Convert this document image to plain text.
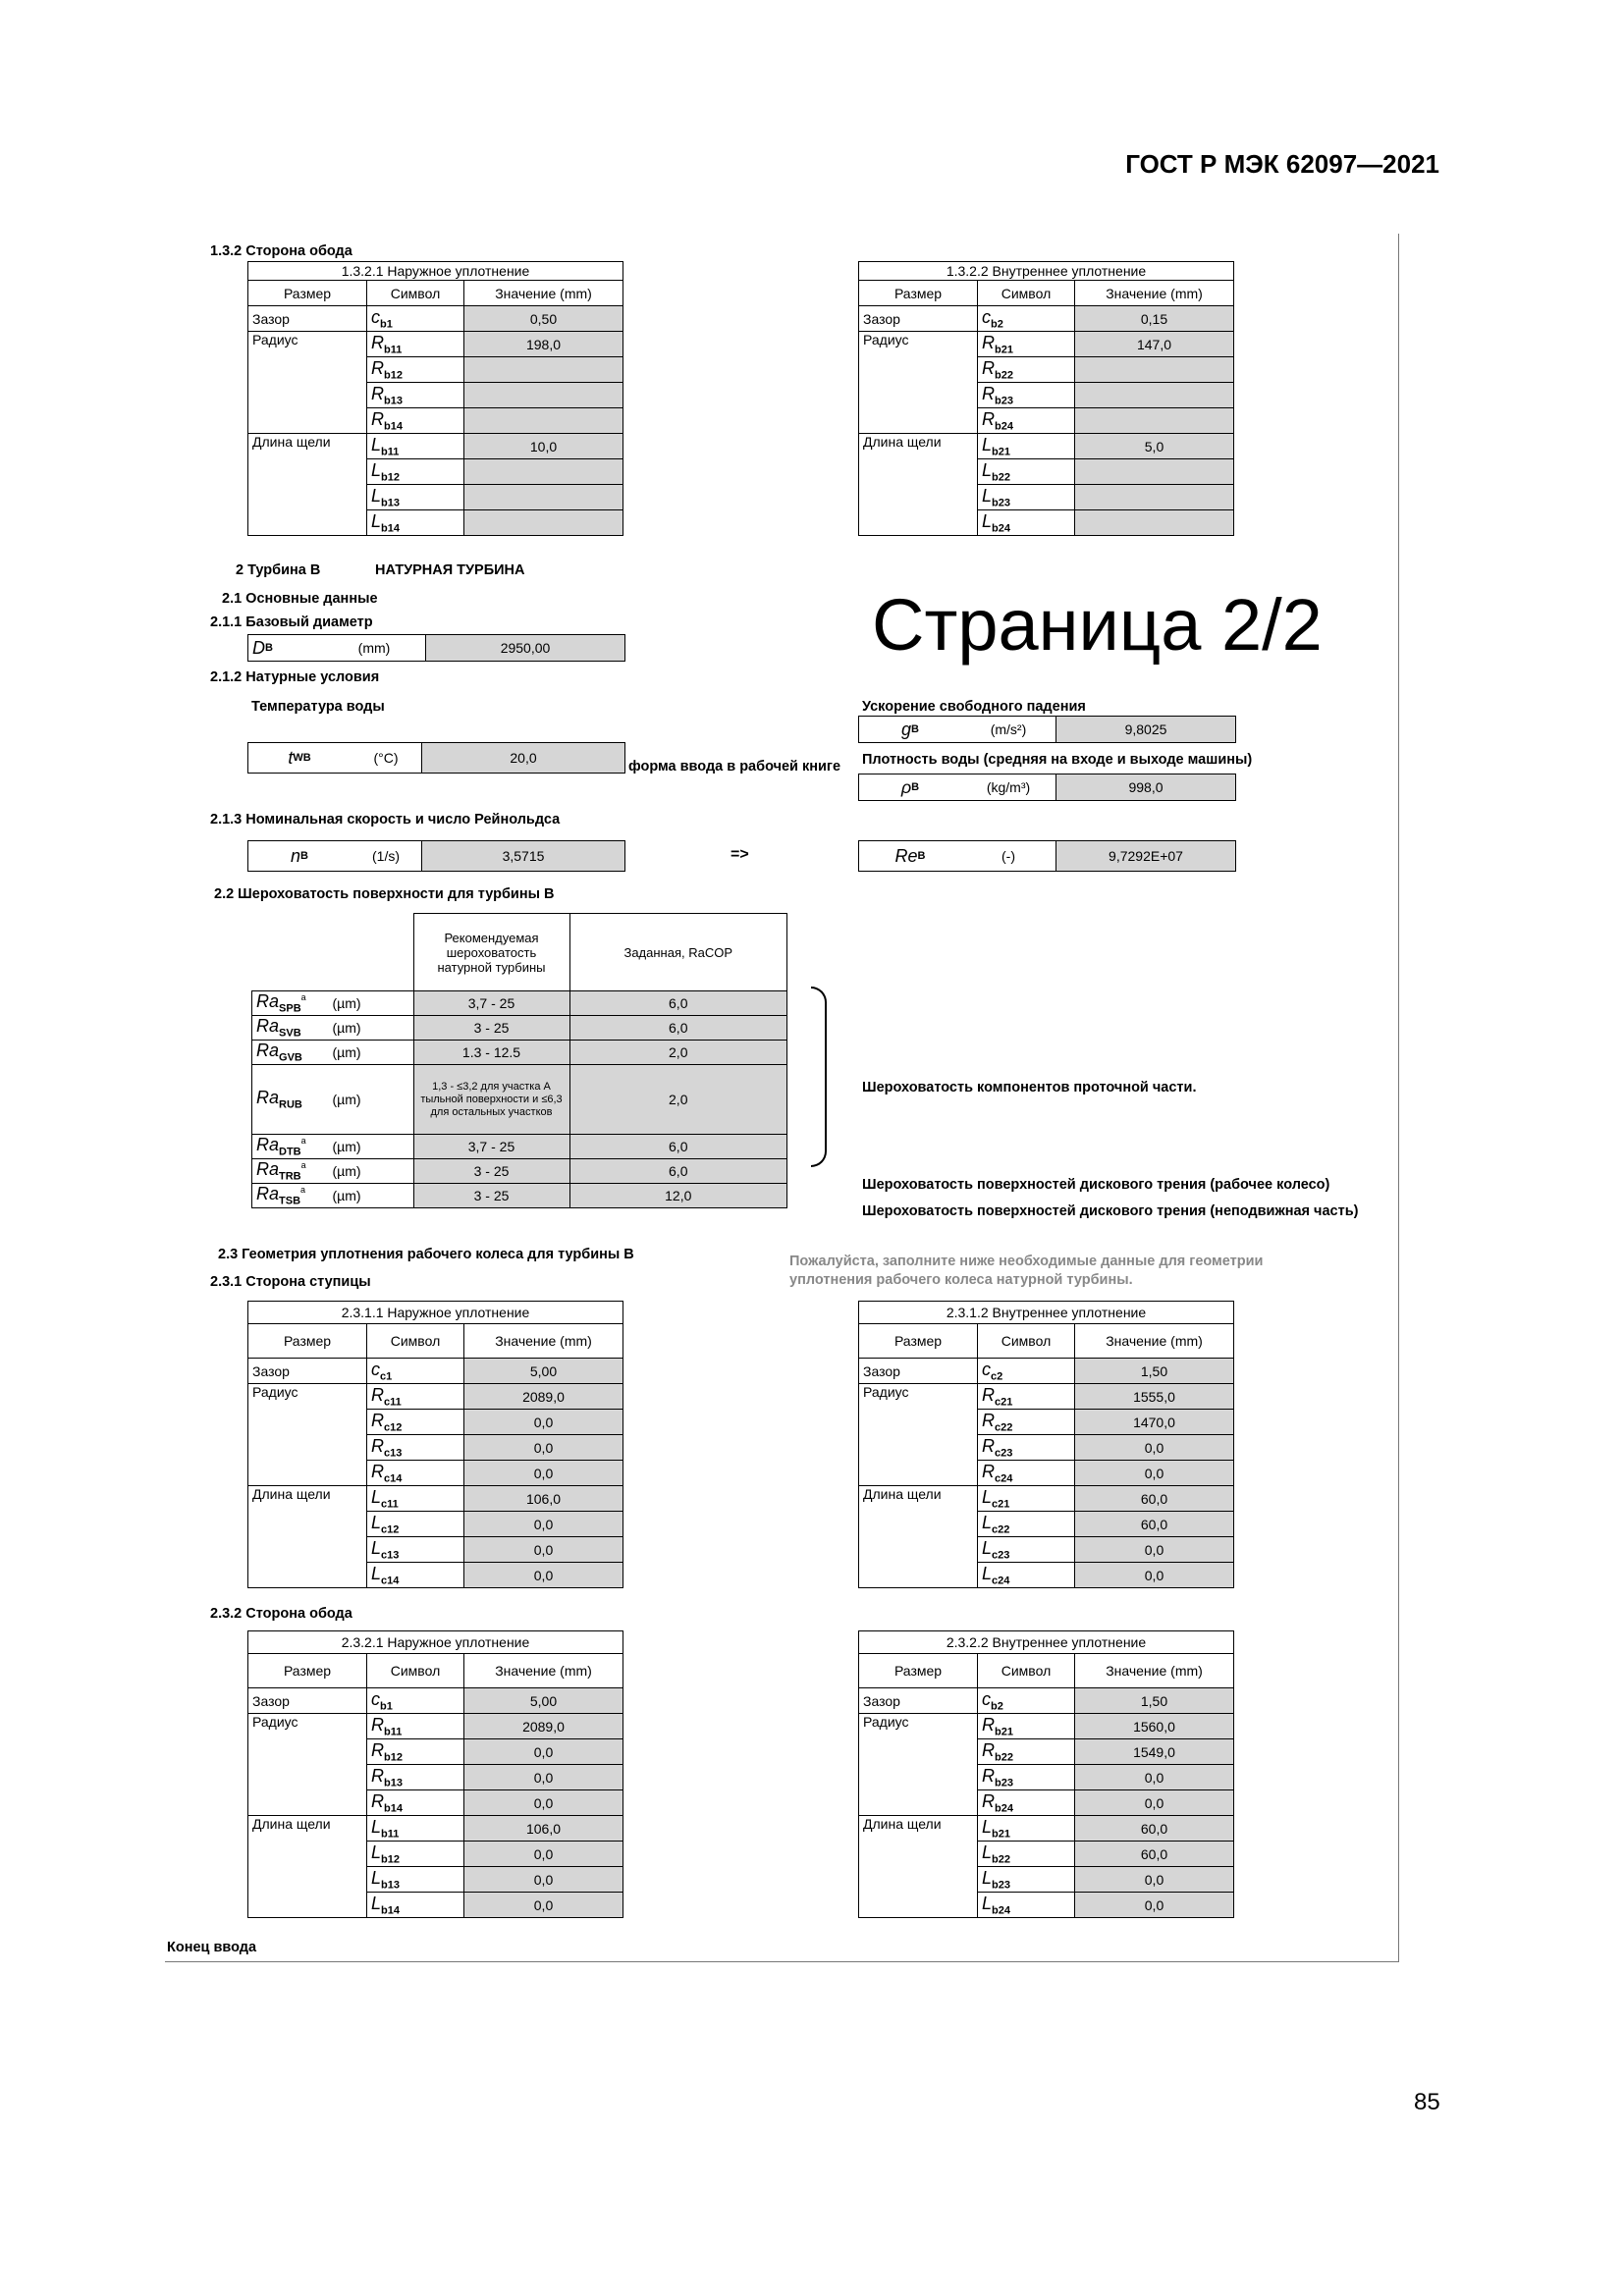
ГОСТ Р МЭК 62097—2021
1.3.2 Сторона обода
1.3.2.1 Наружное уплотнение		
Размер	Символ	Значение (mm)
Зазор	$c_{b1}$	0,50
Радиус	$R_{b11}$	198,0
	$R_{b12}$	
	$R_{b13}$	
	$R_{b14}$	
Длина щели	$L_{b11}$	10,0
	$L_{b12}$	
	$L_{b13}$	
	$L_{b14}$	
1.3.2.2 Внутреннее уплотнение		
Размер	Символ	Значение (mm)
Зазор	$c_{b2}$	0,15
Радиус	$R_{b21}$	147,0
	$R_{b22}$	
	$R_{b23}$	
	$R_{b24}$	
Длина щели	$L_{b21}$	5,0
	$L_{b22}$	
	$L_{b23}$	
	$L_{b24}$	
2 Турбина В	НАТУРНАЯ ТУРБИНА
2.1 Основные данные
2.1.1 Базовый диаметр	Страница 2/2
D B	(mm)	2950,00
2.1.2 Натурные условия
Температура воды
t WB	(°C)	20,0
форма ввода в рабочей книге
Ускорение свободного падения
g B	(m/s²)	9,8025
Плотность воды (средняя на входе и выходе машины)
ρ B	(kg/m³)	998,0
2.1.3 Номинальная скорость и число Рейнольдса
n B	(1/s)	3,5715	=>	Re B	(-)	9,7292E+07
2.2 Шероховатость поверхности для турбины В
		Рекомендуемая шероховатость натурной турбины	Заданная, RaCOP
$Ra_{SPB}^a$	(µm)	3,7 - 25	6,0
$Ra_{SVB}$	(µm)	3 - 25	6,0
$Ra_{GVB}$	(µm)	1.3 - 12.5	2,0
$Ra_{RUB}$	(µm)	1,3 - ≤3,2 для участка А тыльной поверхности и ≤6,3 для остальных участков	2,0
$Ra_{DTB}^a$	(µm)	3,7 - 25	6,0
$Ra_{TRB}^a$	(µm)	3 - 25	6,0
$Ra_{TSB}^a$	(µm)	3 - 25	12,0
Шероховатость компонентов проточной части.
Шероховатость поверхностей дискового трения (рабочее колесо)
Шероховатость поверхностей дискового трения (неподвижная часть)
2.3 Геометрия уплотнения рабочего колеса для турбины В	Пожалуйста, заполните ниже необходимые данные для геометрии уплотнения рабочего колеса натурной турбины.
2.3.1 Сторона ступицы
2.3.1.1 Наружное уплотнение		
Размер	Символ	Значение (mm)
Зазор	$c_{c1}$	5,00
Радиус	$R_{c11}$	2089,0
	$R_{c12}$	0,0
	$R_{c13}$	0,0
	$R_{c14}$	0,0
Длина щели	$L_{c11}$	106,0
	$L_{c12}$	0,0
	$L_{c13}$	0,0
	$L_{c14}$	0,0
2.3.1.2 Внутреннее уплотнение		
Размер	Символ	Значение (mm)
Зазор	$c_{c2}$	1,50
Радиус	$R_{c21}$	1555,0
	$R_{c22}$	1470,0
	$R_{c23}$	0,0
	$R_{c24}$	0,0
Длина щели	$L_{c21}$	60,0
	$L_{c22}$	60,0
	$L_{c23}$	0,0
	$L_{c24}$	0,0
2.3.2 Сторона обода
2.3.2.1 Наружное уплотнение		
Размер	Символ	Значение (mm)
Зазор	$c_{b1}$	5,00
Радиус	$R_{b11}$	2089,0
	$R_{b12}$	0,0
	$R_{b13}$	0,0
	$R_{b14}$	0,0
Длина щели	$L_{b11}$	106,0
	$L_{b12}$	0,0
	$L_{b13}$	0,0
	$L_{b14}$	0,0
2.3.2.2 Внутреннее уплотнение		
Размер	Символ	Значение (mm)
Зазор	$c_{b2}$	1,50
Радиус	$R_{b21}$	1560,0
	$R_{b22}$	1549,0
	$R_{b23}$	0,0
	$R_{b24}$	0,0
Длина щели	$L_{b21}$	60,0
	$L_{b22}$	60,0
	$L_{b23}$	0,0
	$L_{b24}$	0,0
Конец ввода
85
